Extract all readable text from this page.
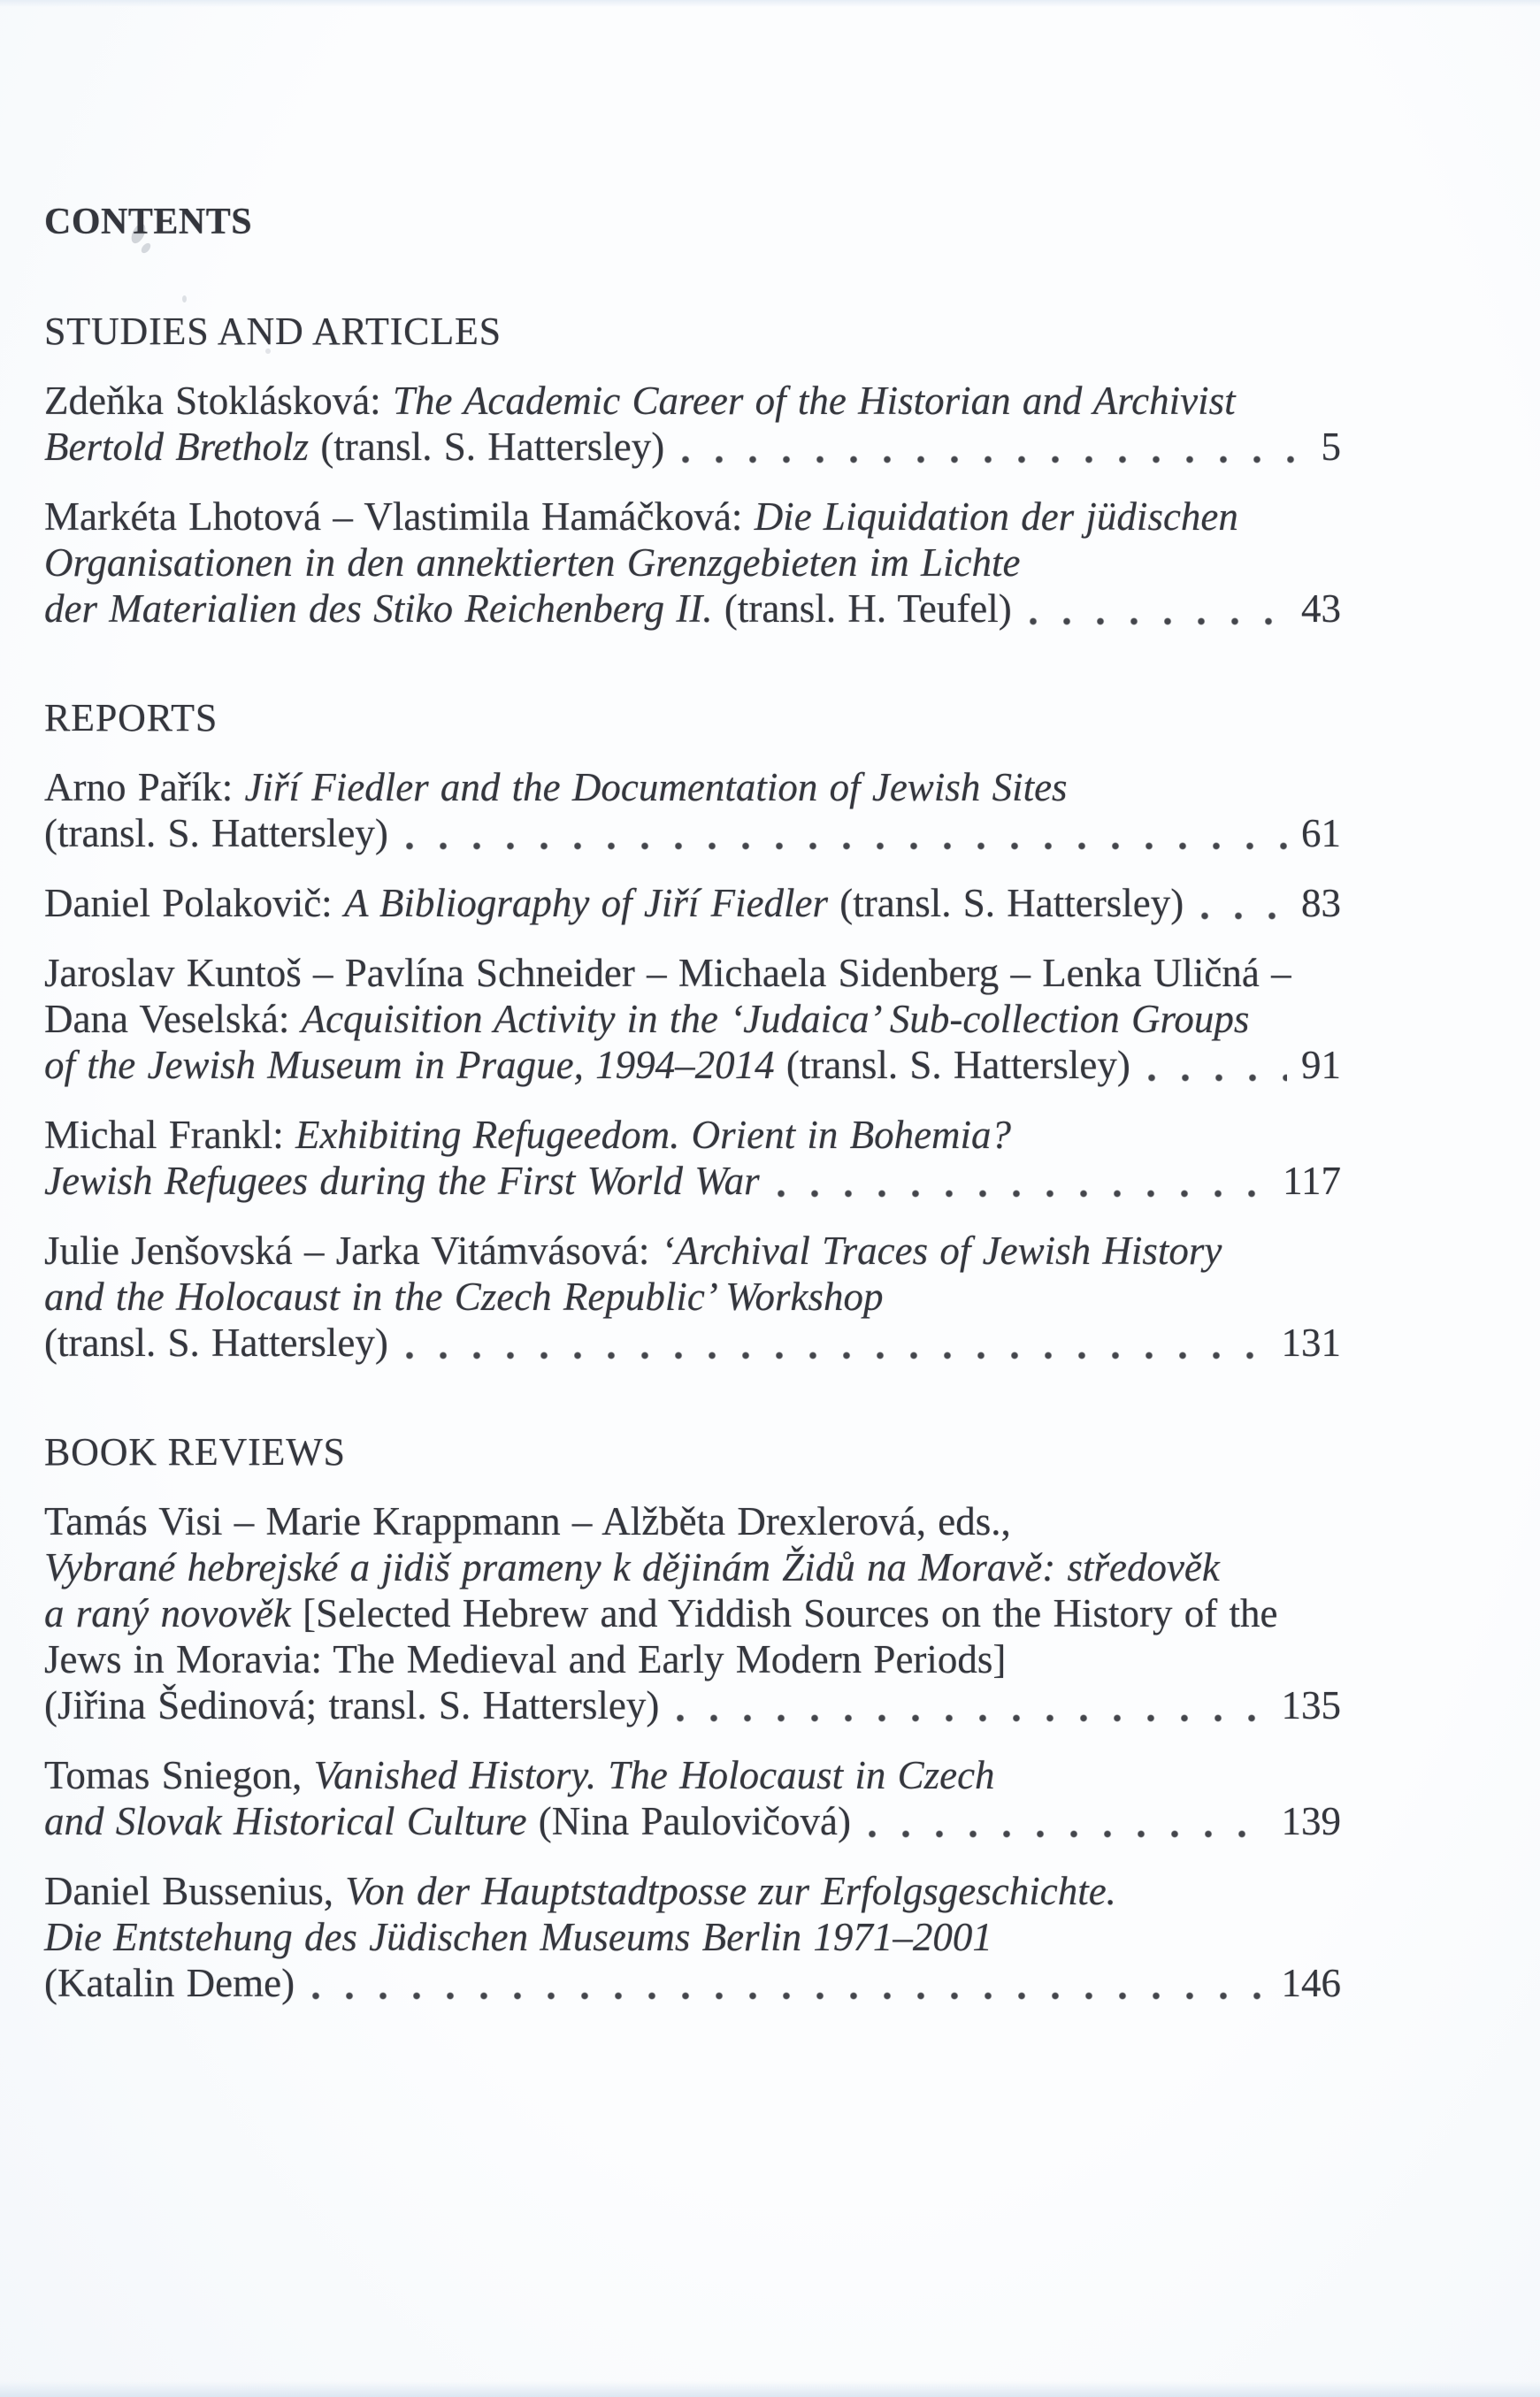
CONTENTS
STUDIES AND ARTICLES
Zdeňka Stoklásková: The Academic Career of the Historian and Archivist
Bertold Bretholz (transl. S. Hattersley)	5
Markéta Lhotová – Vlastimila Hamáčková: Die Liquidation der jüdischen
Organisationen in den annektierten Grenzgebieten im Lichte
der Materialien des Stiko Reichenberg II. (transl. H. Teufel)	43
REPORTS
Arno Pařík: Jiří Fiedler and the Documentation of Jewish Sites
(transl. S. Hattersley)	61
Daniel Polakovič: A Bibliography of Jiří Fiedler (transl. S. Hattersley)	83
Jaroslav Kuntoš – Pavlína Schneider – Michaela Sidenberg – Lenka Uličná –
Dana Veselská: Acquisition Activity in the ‘Judaica’ Sub-collection Groups
of the Jewish Museum in Prague, 1994–2014 (transl. S. Hattersley)	91
Michal Frankl: Exhibiting Refugeedom. Orient in Bohemia?
Jewish Refugees during the First World War	117
Julie Jenšovská – Jarka Vitámvásová: ‘Archival Traces of Jewish History
and the Holocaust in the Czech Republic’ Workshop
(transl. S. Hattersley)	131
BOOK REVIEWS
Tamás Visi – Marie Krappmann – Alžběta Drexlerová, eds.,
Vybrané hebrejské a jidiš prameny k dějinám Židů na Moravě: středověk
a raný novověk [Selected Hebrew and Yiddish Sources on the History of the
Jews in Moravia: The Medieval and Early Modern Periods]
(Jiřina Šedinová; transl. S. Hattersley)	135
Tomas Sniegon, Vanished History. The Holocaust in Czech
and Slovak Historical Culture (Nina Paulovičová)	139
Daniel Bussenius, Von der Hauptstadtposse zur Erfolgsgeschichte.
Die Entstehung des Jüdischen Museums Berlin 1971–2001
(Katalin Deme)	146
